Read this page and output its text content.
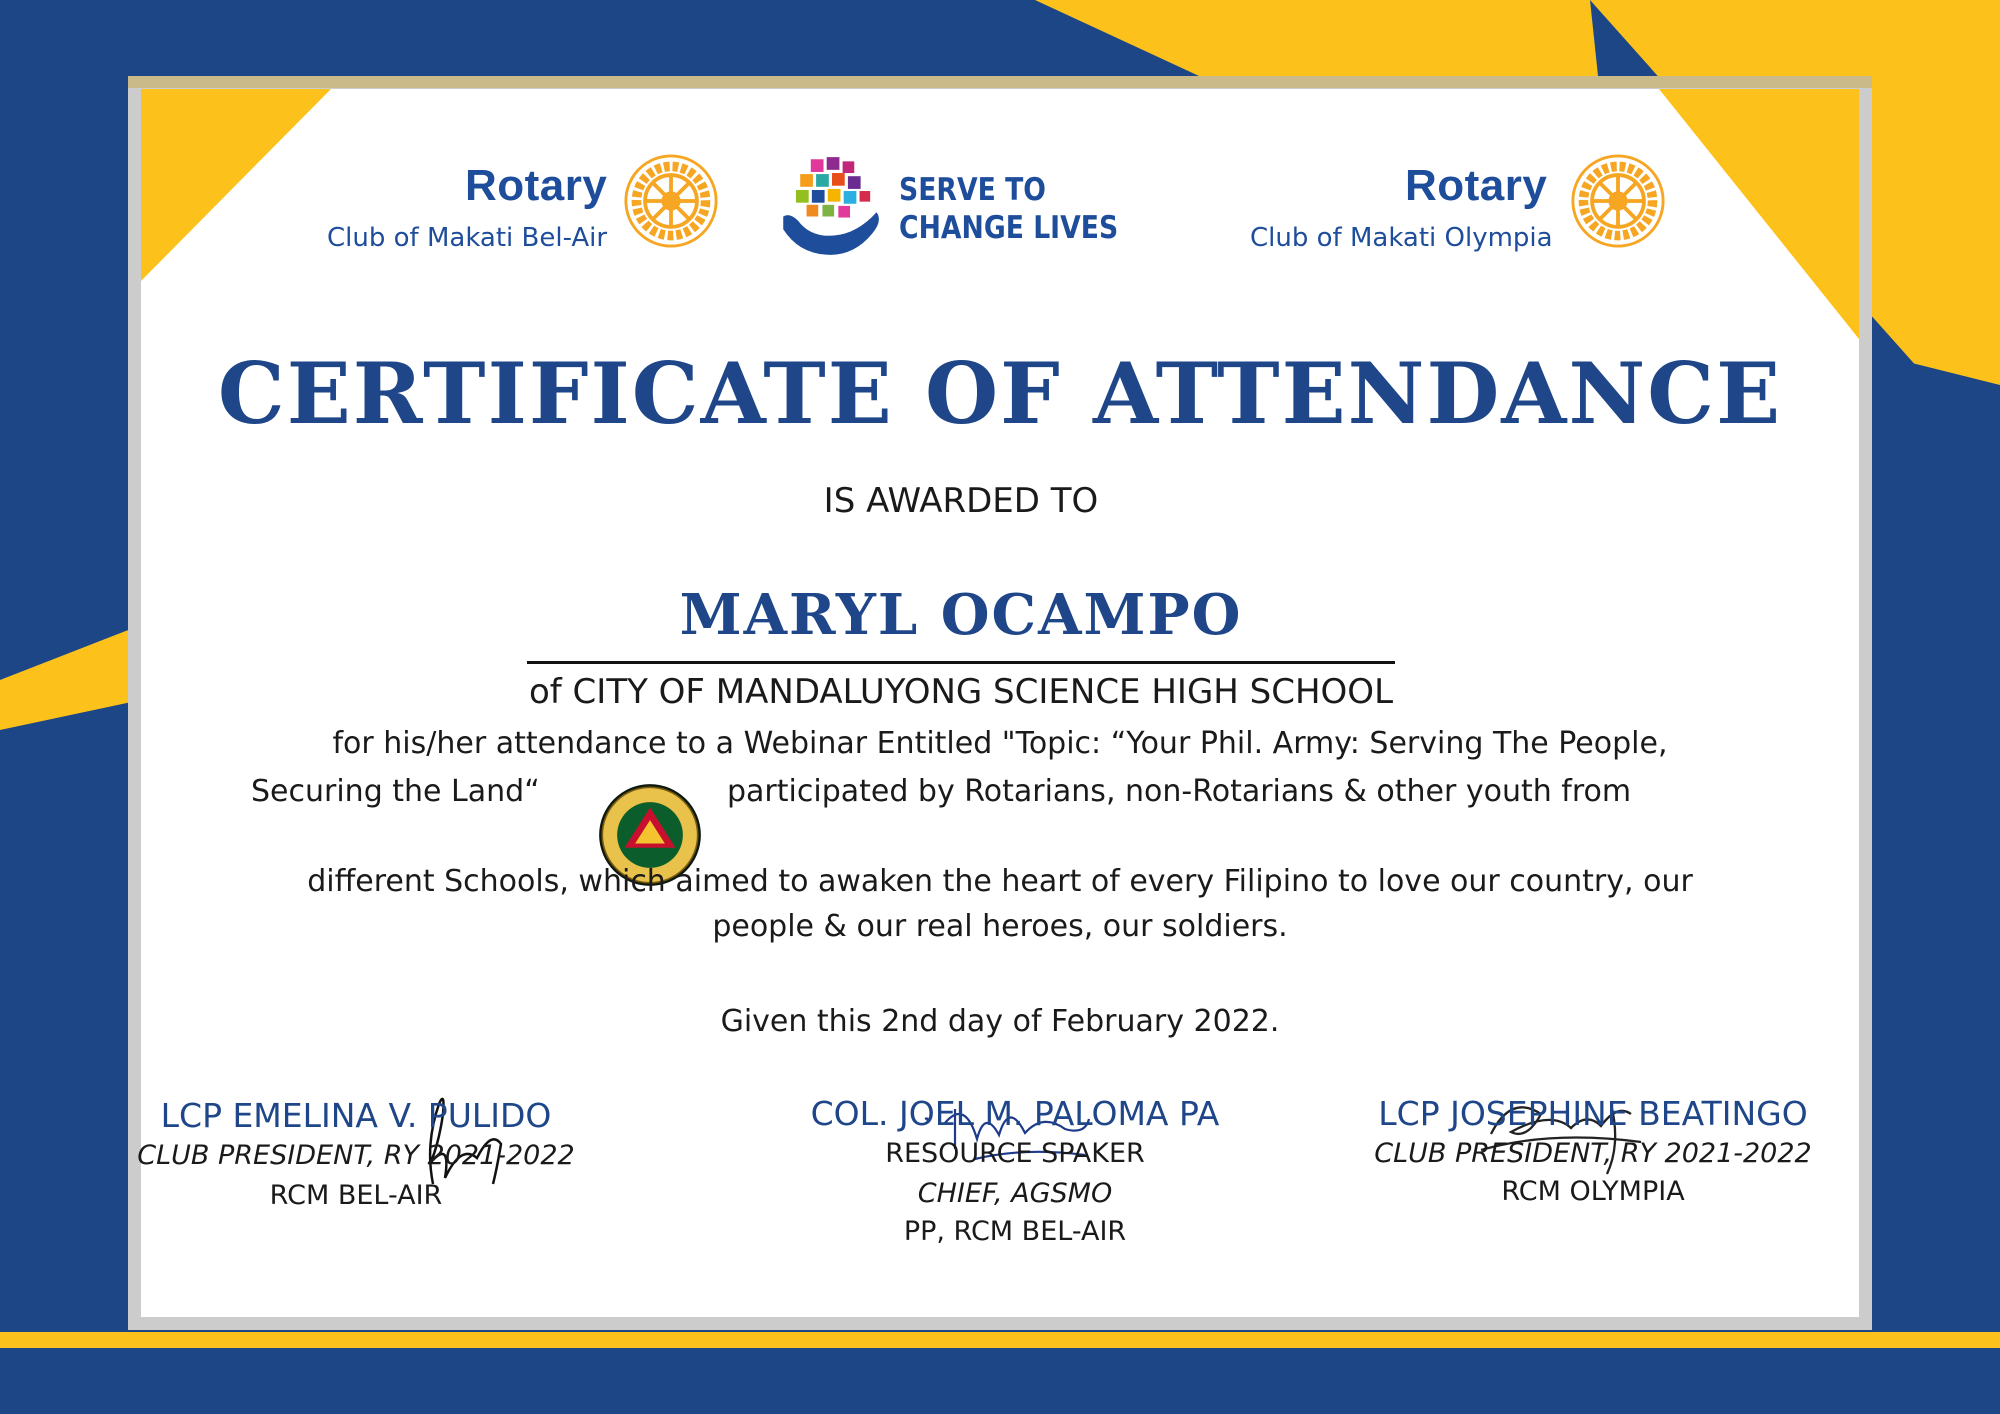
Rotary
Club of Makati Bel-Air
SERVE TO
CHANGE LIVES
Rotary
Club of Makati Olympia
CERTIFICATE OF ATTENDANCE
IS AWARDED TO
MARYL OCAMPO
of CITY OF MANDALUYONG SCIENCE HIGH SCHOOL
for his/her attendance to a Webinar Entitled "Topic: “Your Phil. Army: Serving The People,
Securing the Land“	participated by Rotarians, non-Rotarians & other youth from
different Schools, which aimed to awaken the heart of every Filipino to love our country, our
people & our real heroes, our soldiers.
Given this 2nd day of February 2022.
LCP EMELINA V. PULIDO
CLUB PRESIDENT, RY 2021-2022
RCM BEL-AIR
COL. JOEL M. PALOMA PA
RESOURCE SPAKER
CHIEF, AGSMO
PP, RCM BEL-AIR
LCP JOSEPHINE BEATINGO
CLUB PRESIDENT, RY 2021-2022
RCM OLYMPIA
